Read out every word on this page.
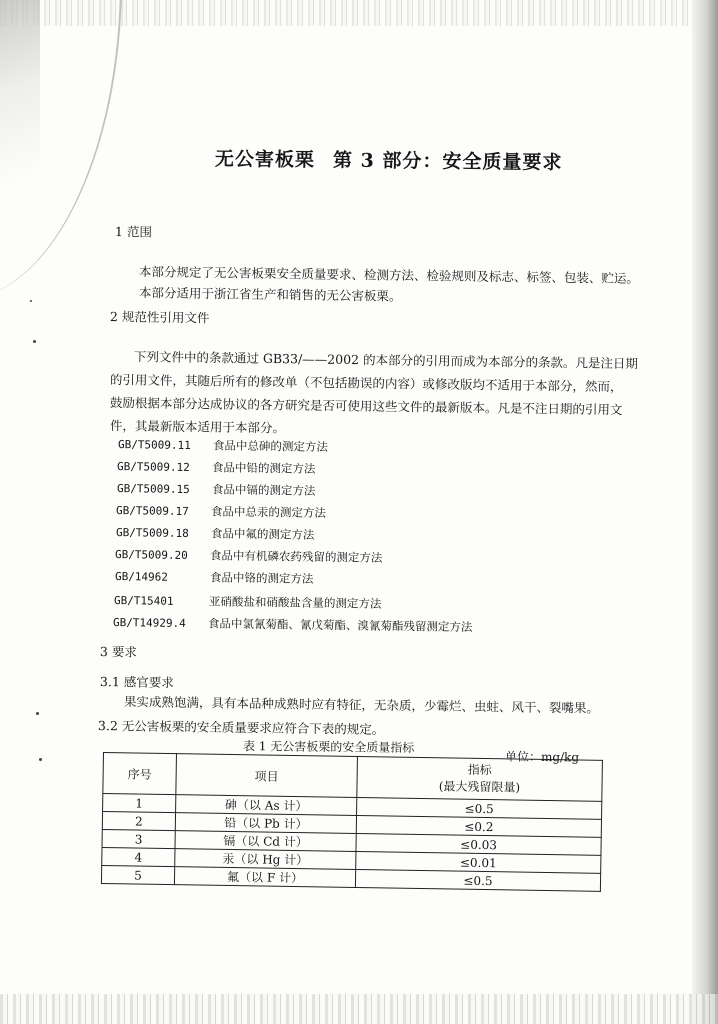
无公害板栗 第 3 部分：安全质量要求
1 范围
本部分规定了无公害板栗安全质量要求、检测方法、检验规则及标志、标签、包装、贮运。
本部分适用于浙江省生产和销售的无公害板栗。
2 规范性引用文件
下列文件中的条款通过 GB33/——2002 的本部分的引用而成为本部分的条款。凡是注日期
的引用文件，其随后所有的修改单（不包括勘误的内容）或修改版均不适用于本部分，然而，
鼓励根据本部分达成协议的各方研究是否可使用这些文件的最新版本。凡是不注日期的引用文
件，其最新版本适用于本部分。
GB/T5009.11 食品中总砷的测定方法
GB/T5009.12 食品中铅的测定方法
GB/T5009.15 食品中镉的测定方法
GB/T5009.17 食品中总汞的测定方法
GB/T5009.18 食品中氟的测定方法
GB/T5009.20 食品中有机磷农药残留的测定方法
GB/14962	食品中铬的测定方法
GB/T15401	亚硝酸盐和硝酸盐含量的测定方法
GB/T14929.4 食品中氯氰菊酯、氰戊菊酯、溴氰菊酯残留测定方法
3 要求
3.1 感官要求
果实成熟饱满，具有本品种成熟时应有特征，无杂质，少霉烂、虫蛀、风干、裂嘴果。
3.2 无公害板栗的安全质量要求应符合下表的规定。
表 1 无公害板栗的安全质量指标
单位：mg/kg
序号	项目	指标
(最大残留限量)

1	砷（以 As 计）	≤0.5
2	铅（以 Pb 计）	≤0.2
3	镉（以 Cd 计）	≤0.03
4	汞（以 Hg 计）	≤0.01
5	氟（以 F 计）	≤0.5
